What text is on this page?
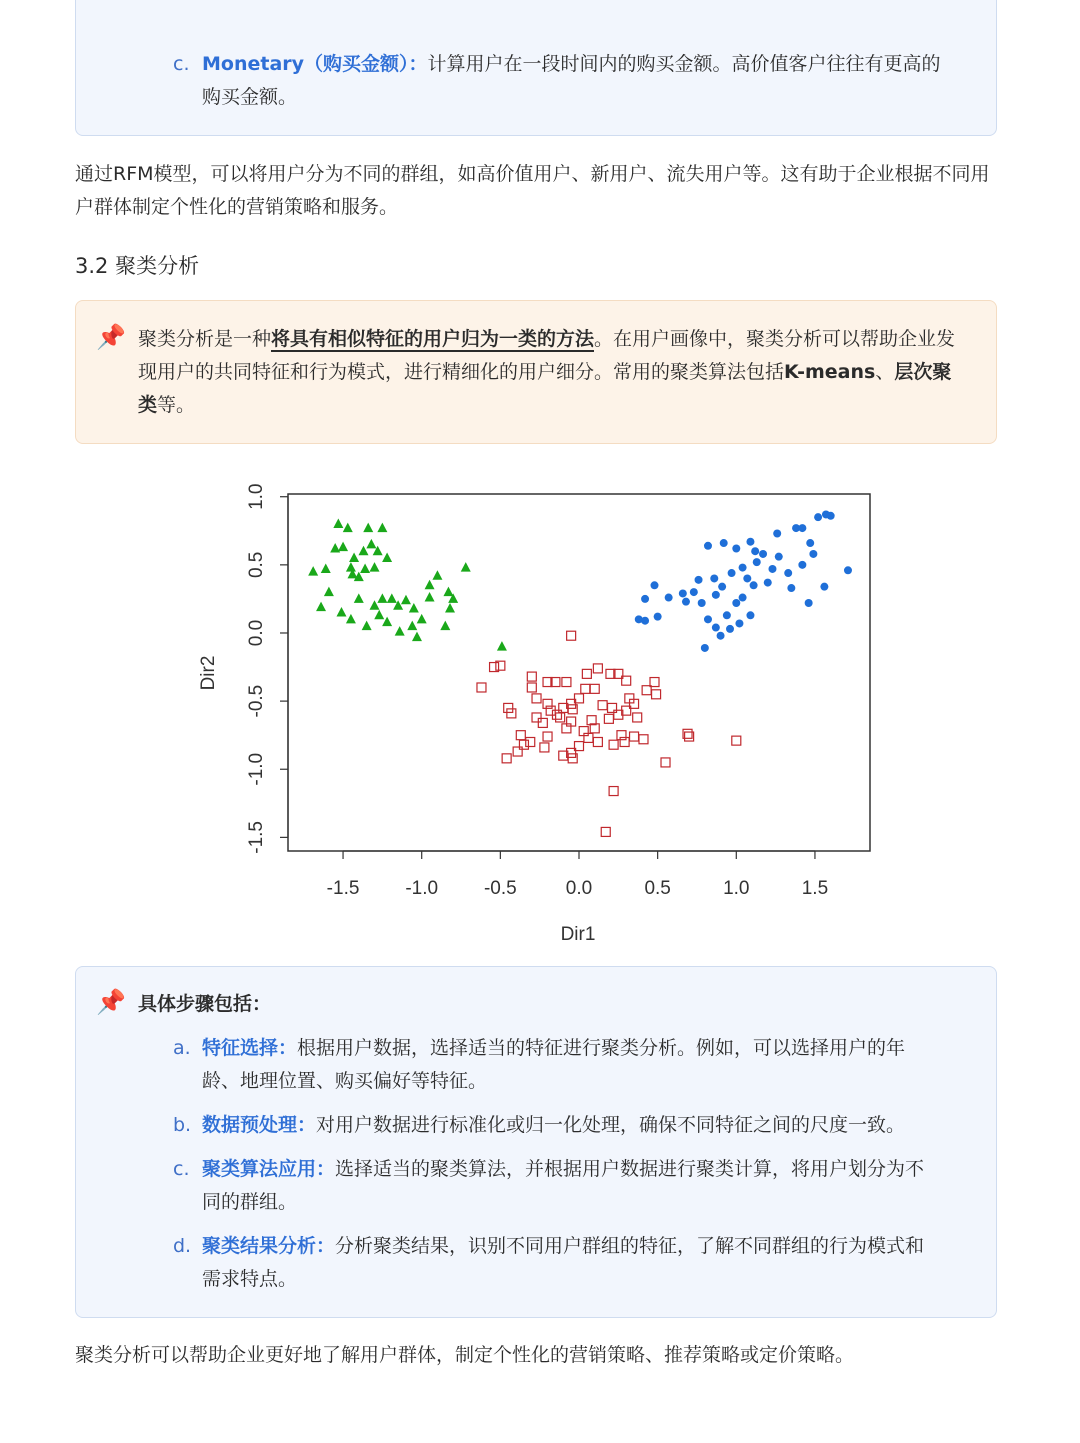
c. Monetary（购买金额）：计算用户在一段时间内的购买金额。高价值客户往往有更高的购买金额。
通过RFM模型，可以将用户分为不同的群组，如高价值用户、新用户、流失用户等。这有助于企业根据不同用户群体制定个性化的营销策略和服务。
3.2 聚类分析
📌 聚类分析是一种将具有相似特征的用户归为一类的方法。在用户画像中，聚类分析可以帮助企业发现用户的共同特征和行为模式，进行精细化的用户细分。常用的聚类算法包括K-means、层次聚类等。
-1.5 -1.0 -0.5	0.0	0.5	1.0	1.5
-1.5
-1.0
-0.5
0.0
0.5
1.0
Dir1
Dir2
📌 具体步骤包括：
a. 特征选择：根据用户数据，选择适当的特征进行聚类分析。例如，可以选择用户的年龄、地理位置、购买偏好等特征。
b. 数据预处理：对用户数据进行标准化或归一化处理，确保不同特征之间的尺度一致。
c. 聚类算法应用：选择适当的聚类算法，并根据用户数据进行聚类计算，将用户划分为不同的群组。
d. 聚类结果分析：分析聚类结果，识别不同用户群组的特征，了解不同群组的行为模式和需求特点。
聚类分析可以帮助企业更好地了解用户群体，制定个性化的营销策略、推荐策略或定价策略。
